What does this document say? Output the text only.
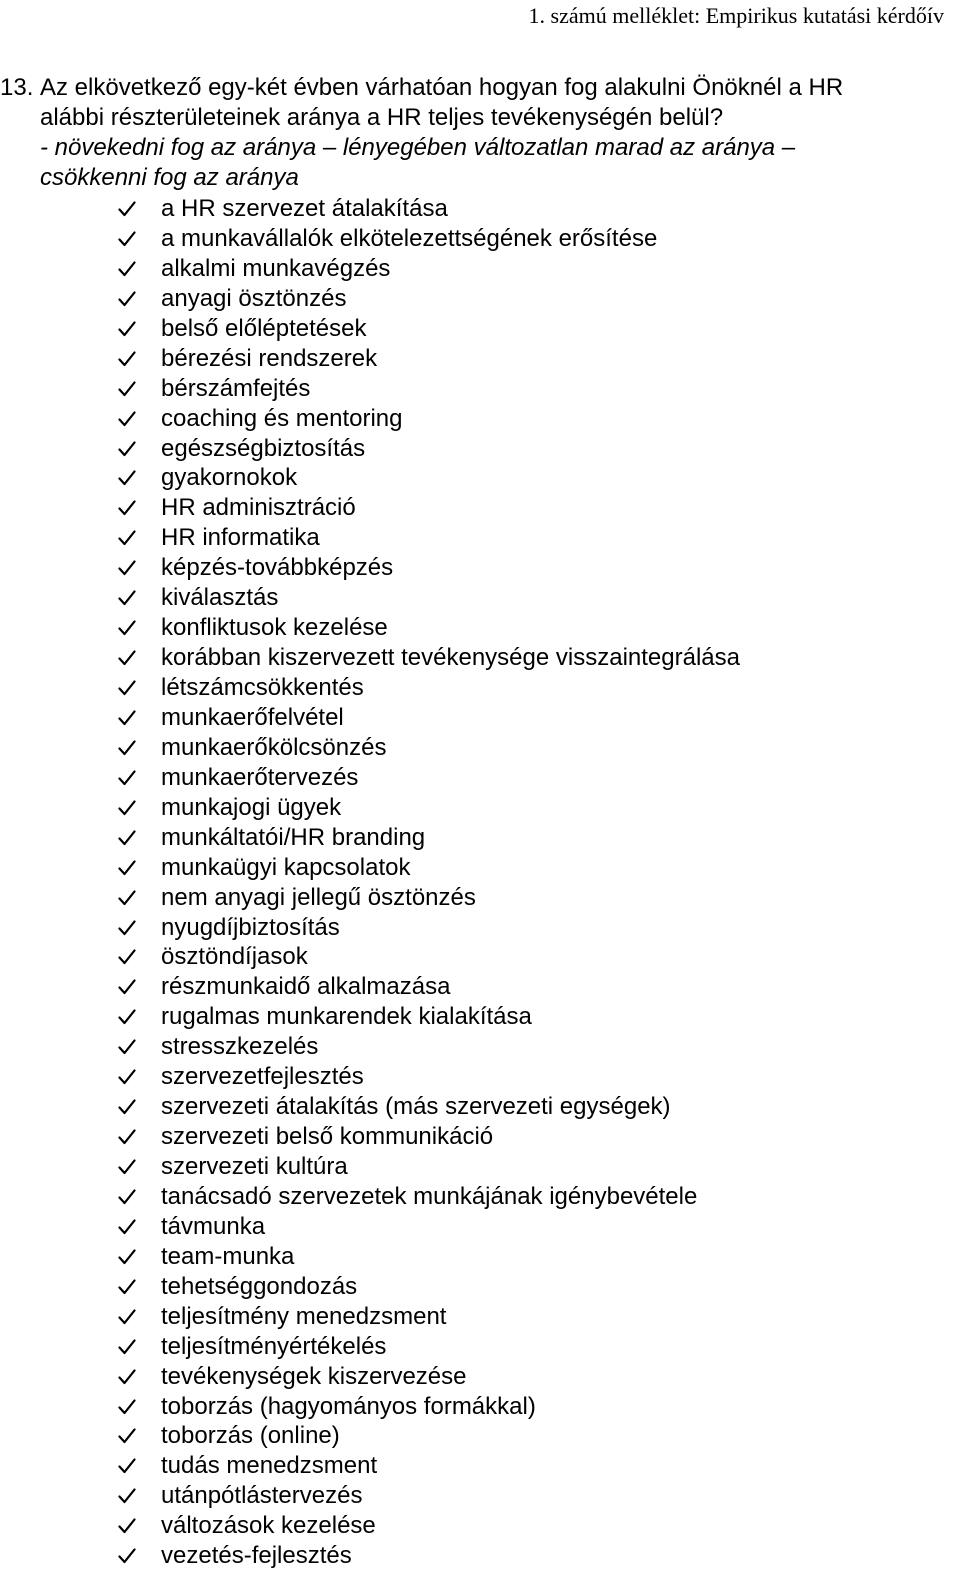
1. számú melléklet: Empirikus kutatási kérdőív
13. Az elkövetkező egy-két évben várhatóan hogyan fog alakulni Önöknél a HR
alábbi részterületeinek aránya a HR teljes tevékenységén belül?
- növekedni fog az aránya – lényegében változatlan marad az aránya –
csökkenni fog az aránya
a HR szervezet átalakítása
a munkavállalók elkötelezettségének erősítése
alkalmi munkavégzés
anyagi ösztönzés
belső előléptetések
bérezési rendszerek
bérszámfejtés
coaching és mentoring
egészségbiztosítás
gyakornokok
HR adminisztráció
HR informatika
képzés-továbbképzés
kiválasztás
konfliktusok kezelése
korábban kiszervezett tevékenysége visszaintegrálása
létszámcsökkentés
munkaerőfelvétel
munkaerőkölcsönzés
munkaerőtervezés
munkajogi ügyek
munkáltatói/HR branding
munkaügyi kapcsolatok
nem anyagi jellegű ösztönzés
nyugdíjbiztosítás
ösztöndíjasok
részmunkaidő alkalmazása
rugalmas munkarendek kialakítása
stresszkezelés
szervezetfejlesztés
szervezeti átalakítás (más szervezeti egységek)
szervezeti belső kommunikáció
szervezeti kultúra
tanácsadó szervezetek munkájának igénybevétele
távmunka
team-munka
tehetséggondozás
teljesítmény menedzsment
teljesítményértékelés
tevékenységek kiszervezése
toborzás (hagyományos formákkal)
toborzás (online)
tudás menedzsment
utánpótlástervezés
változások kezelése
vezetés-fejlesztés
